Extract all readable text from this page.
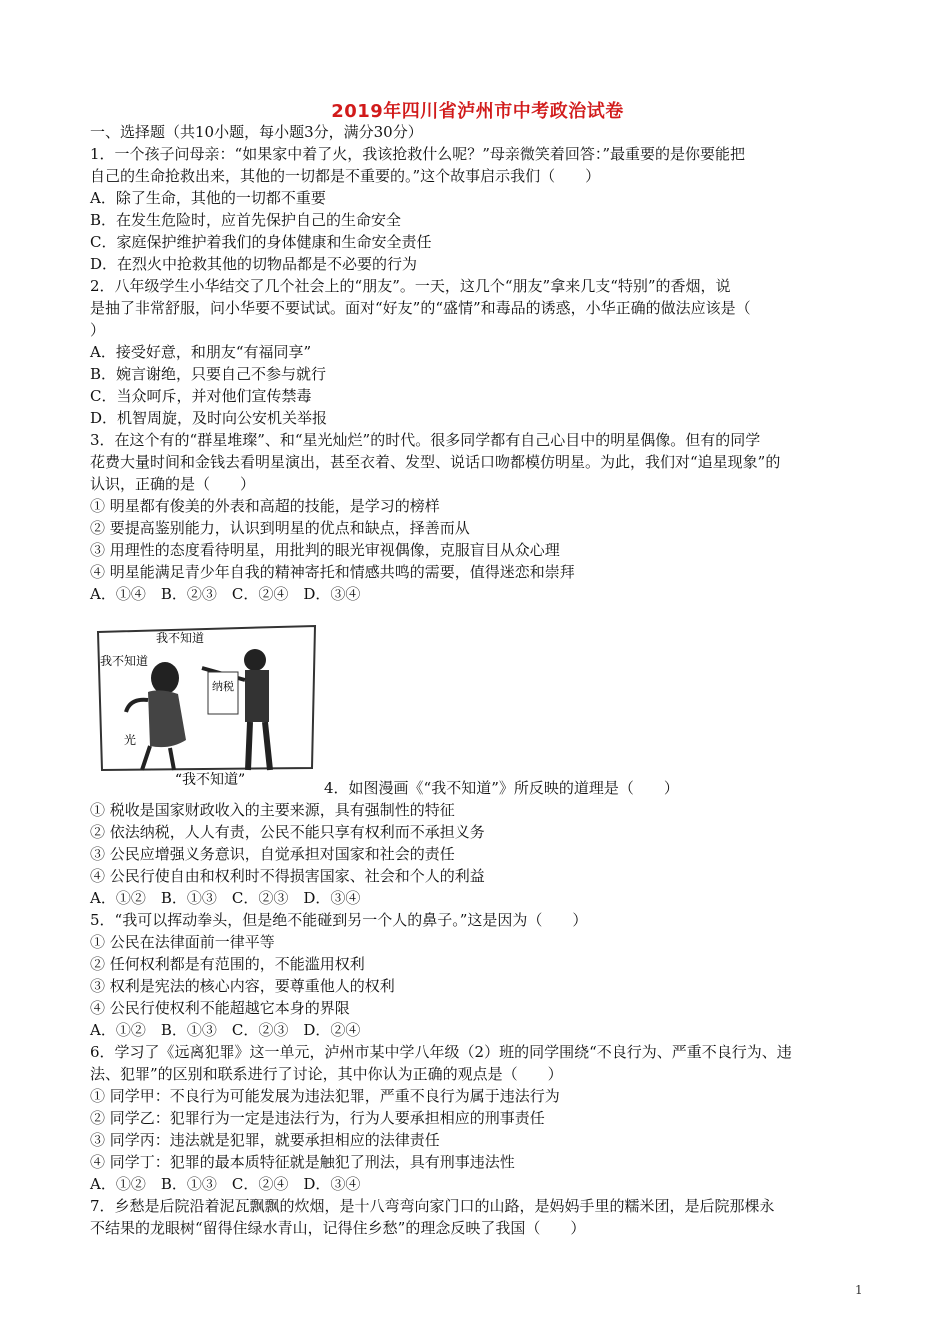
2019年四川省泸州市中考政治试卷
一、选择题（共10小题，每小题3分，满分30分）
1．一个孩子问母亲：“如果家中着了火，我该抢救什么呢？”母亲微笑着回答：”最重要的是你要能把
自己的生命抢救出来，其他的一切都是不重要的。”这个故事启示我们（　　）
A．除了生命，其他的一切都不重要
B．在发生危险时，应首先保护自己的生命安全
C．家庭保护维护着我们的身体健康和生命安全责任
D．在烈火中抢救其他的切物品都是不必要的行为
2．八年级学生小华结交了几个社会上的“朋友”。一天，这几个“朋友”拿来几支“特别”的香烟，说
是抽了非常舒服，问小华要不要试试。面对“好友”的“盛情”和毒品的诱惑，小华正确的做法应该是（
）
A．接受好意，和朋友“有福同享”
B．婉言谢绝，只要自己不参与就行
C．当众呵斥，并对他们宣传禁毒
D．机智周旋，及时向公安机关举报
3．在这个有的“群星堆璨”、和“星光灿烂”的时代。很多同学都有自己心目中的明星偶像。但有的同学
花费大量时间和金钱去看明星演出，甚至衣着、发型、说话口吻都模仿明星。为此，我们对“追星现象”的
认识，正确的是（　　）
① 明星都有俊美的外表和高超的技能，是学习的榜样
② 要提高鉴别能力，认识到明星的优点和缺点，择善而从
③ 用理性的态度看待明星，用批判的眼光审视偶像，克服盲目从众心理
④ 明星能满足青少年自我的精神寄托和情感共鸣的需要，值得迷恋和崇拜
A．①④　B．②③　C．②④　D．③④
纳税
我不知道
我不知道
光
“我不知道”	4．如图漫画《“我不知道”》所反映的道理是（　　）
① 税收是国家财政收入的主要来源，具有强制性的特征
② 依法纳税，人人有责，公民不能只享有权利而不承担义务
③ 公民应增强义务意识，自觉承担对国家和社会的责任
④ 公民行使自由和权利时不得损害国家、社会和个人的利益
A．①②　B．①③　C．②③　D．③④
5．“我可以挥动拳头，但是绝不能碰到另一个人的鼻子。”这是因为（　　）
① 公民在法律面前一律平等
② 任何权利都是有范围的，不能滥用权利
③ 权利是宪法的核心内容，要尊重他人的权利
④ 公民行使权利不能超越它本身的界限
A．①②　B．①③　C．②③　D．②④
6．学习了《远离犯罪》这一单元，泸州市某中学八年级（2）班的同学围绕“不良行为、严重不良行为、违
法、犯罪”的区别和联系进行了讨论，其中你认为正确的观点是（　　）
① 同学甲：不良行为可能发展为违法犯罪，严重不良行为属于违法行为
② 同学乙：犯罪行为一定是违法行为，行为人要承担相应的刑事责任
③ 同学丙：违法就是犯罪，就要承担相应的法律责任
④ 同学丁：犯罪的最本质特征就是触犯了刑法，具有刑事违法性
A．①②　B．①③　C．②④　D．③④
7．乡愁是后院沿着泥瓦飘飘的炊烟，是十八弯弯向家门口的山路，是妈妈手里的糯米团，是后院那棵永
不结果的龙眼树“留得住绿水青山，记得住乡愁”的理念反映了我国（　　）
1
